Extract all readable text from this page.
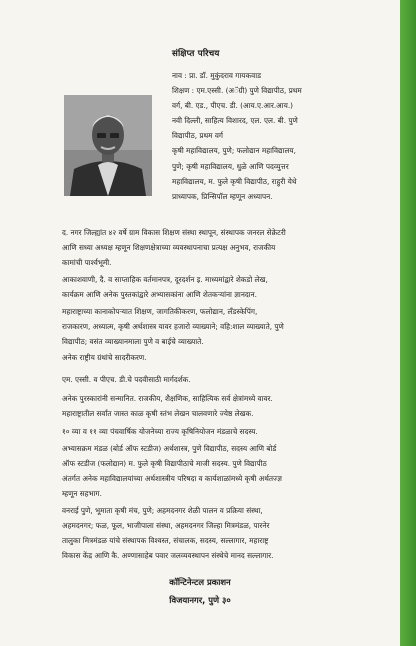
संक्षिप्त परिचय
नाव : प्रा. डॉ. मुकुंदराव गायकवाड
शिक्षण : एम.एस्सी. (अॅग्री) पुणे विद्यापीठ, प्रथम
वर्ग, बी. एड., पीएच. डी. (आय.ए.आर.आय.)
नवी दिल्ली, साहित्य विशारद, एल. एल. बी. पुणे
विद्यापीठ, प्रथम वर्ग
कृषी महाविद्यालय, पुणे; फलोद्यान महाविद्यालय,
पुणे; कृषी महाविद्यालय, धुळे आणि पदव्युत्तर
महाविद्यालय, म. फुले कृषी विद्यापीठ, राहुरी येथे
प्राध्यापक, प्रिन्सिपॉल म्हणून अध्यापन.
द. नगर जिल्ह्यांत ४२ वर्षे ग्राम विकास शिक्षण संस्था स्थापून, संस्थापक जनरल सेक्रेटरी
आणि सध्या अध्यक्ष म्हणून शिक्षणक्षेत्राच्या व्यवस्थापनाचा प्रत्यक्ष अनुभव, राजकीय
कामांची पार्श्वभूमी.
आकाशवाणी, दै. व साप्ताहिक वर्तमानपत्र, दूरदर्शन इ. माध्यमांद्वारे शेकडो लेख,
कार्यक्रम आणि अनेक पुस्तकांद्वारे अभ्यासकांना आणि शेतकऱ्यांना ज्ञानदान.
महाराष्ट्राच्या कानाकोपऱ्यात शिक्षण, जागतिकीकरण, फलोद्यान, लँडस्केपिंग,
राजकारण, अध्यात्म, कृषी अर्थशास्त्र यावर हजारो व्याख्याने; वहि:शाल व्याख्याते, पुणे
विद्यापीठ; वसंत व्याख्यानमाला पुणे व बाईचे व्याख्याते.
अनेक राष्ट्रीय ग्रंथांचे सादरीकरण.
एम. एस्सी. व पीएच. डी.चे पदवीसाठी मार्गदर्शक.
अनेक पुरस्कारांनी सन्मानित. राजकीय, शैक्षणिक, साहित्यिक सर्व क्षेत्रांमध्ये वावर.
महाराष्ट्रातील सर्वांत जास्त काळ कृषी स्तंभ लेखन चालवणारे ज्येष्ठ लेखक.
१० व्या व ११ व्या पंचवार्षिक योजनेच्या राज्य कृषिनियोजन मंडळाचे सदस्य.
अभ्यासक्रम मंडळ (बोर्ड ऑफ स्टडीज) अर्थशास्त्र, पुणे विद्यापीठ, सदस्य आणि बोर्ड
ऑफ स्टडीज (फलोद्यान) म. फुले कृषी विद्यापीठाचे माजी सदस्य. पुणे विद्यापीठ
अंतर्गत अनेक महाविद्यालयांच्या अर्थशास्त्रीय परिषदा व कार्यशाळांमध्ये कृषी अर्थतज्ज्ञ
म्हणून सहभाग.
वनराई पुणे, भूमाता कृषी मंच, पुणे; अहमदनगर शेळी पालन व प्रक्रिया संस्था,
अहमदनगर; फळ, फूल, भाजीपाला संस्था, अहमदनगर जिल्हा मित्रमंडळ, पारनेर
तालुका मित्रमंडळ यांचे संस्थापक विश्वस्त, संचालक, सदस्य, सल्लागार, महाराष्ट्र
विकास केंद्र आणि कै. अण्णासाहेब पवार जलव्यवस्थापन संस्थेचे मानद सल्लागार.
कॉन्टिनेन्टल प्रकाशन
विजयानगर, पुणे ३०
